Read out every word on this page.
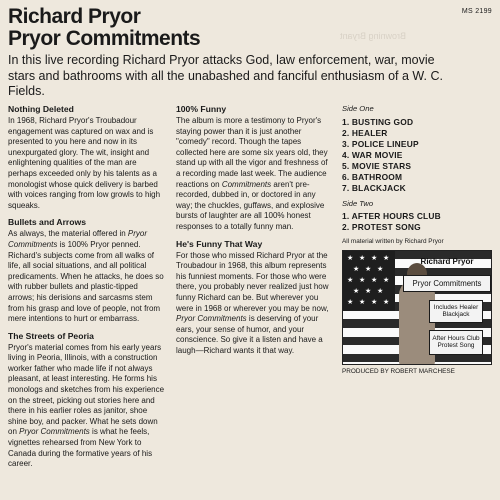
Browning Bryant
MS 2199
Richard Pryor
Pryor Commitments
In this live recording Richard Pryor attacks God, law enforcement, war, movie stars and bathrooms with all the unabashed and fanciful enthusiasm of a W. C. Fields.
Nothing Deleted

In 1968, Richard Pryor's Troubadour engagement was captured on wax and is presented to you here and now in its unexpurgated glory. The wit, insight and enlightening qualities of the man are perhaps exceeded only by his talents as a monologist whose quick delivery is barbed with voices ranging from low growls to high squeaks.

Bullets and Arrows

As always, the material offered in Pryor Commitments is 100% Pryor penned. Richard's subjects come from all walks of life, all social situations, and all political predicaments. When he attacks, he does so with rubber bullets and plastic-tipped arrows; his derisions and sarcasms stem from his grasp and love of people, not from mere intentions to hurt or embarrass.

The Streets of Peoria

Pryor's material comes from his early years living in Peoria, Illinois, with a construction worker father who made life if not always pleasant, at least interesting. He forms his monologs and sketches from his experience on the street, picking out stories here and there in his earlier roles as janitor, shoe shine boy, and packer. What he sets down on Pryor Commitments is what he feels, vignettes rehearsed from New York to Canada during the formative years of his career.

100% Funny

The album is more a testimony to Pryor's staying power than it is just another "comedy" record. Though the tapes collected here are some six years old, they stand up with all the vigor and freshness of a recording made last week. The audience reactions on Commitments aren't pre-recorded, dubbed in, or doctored in any way; the chuckles, guffaws, and explosive bursts of laughter are all 100% honest responses to a totally funny man.

He's Funny That Way

For those who missed Richard Pryor at the Troubadour in 1968, this album represents his funniest moments. For those who were there, you probably never realized just how funny Richard can be. But wherever you were in 1968 or wherever you may be now, Pryor Commitments is deserving of your ears, your sense of humor, and your conscience. So give it a listen and have a laugh—Richard wants it that way.

Side One
1. BUSTING GOD
2. HEALER
3. POLICE LINEUP
4. WAR MOVIE
5. MOVIE STARS
6. BATHROOM
7. BLACKJACK
Side Two
1. AFTER HOURS CLUB
2. PROTEST SONG
All material written by Richard Pryor
★ ★ ★ ★
★ ★ ★
★ ★ ★ ★
★ ★ ★
★ ★ ★ ★
Richard Pryor
Pryor Commitments
Includes Healer
Blackjack
After Hours Club
Protest Song
PRODUCED BY ROBERT MARCHESE
